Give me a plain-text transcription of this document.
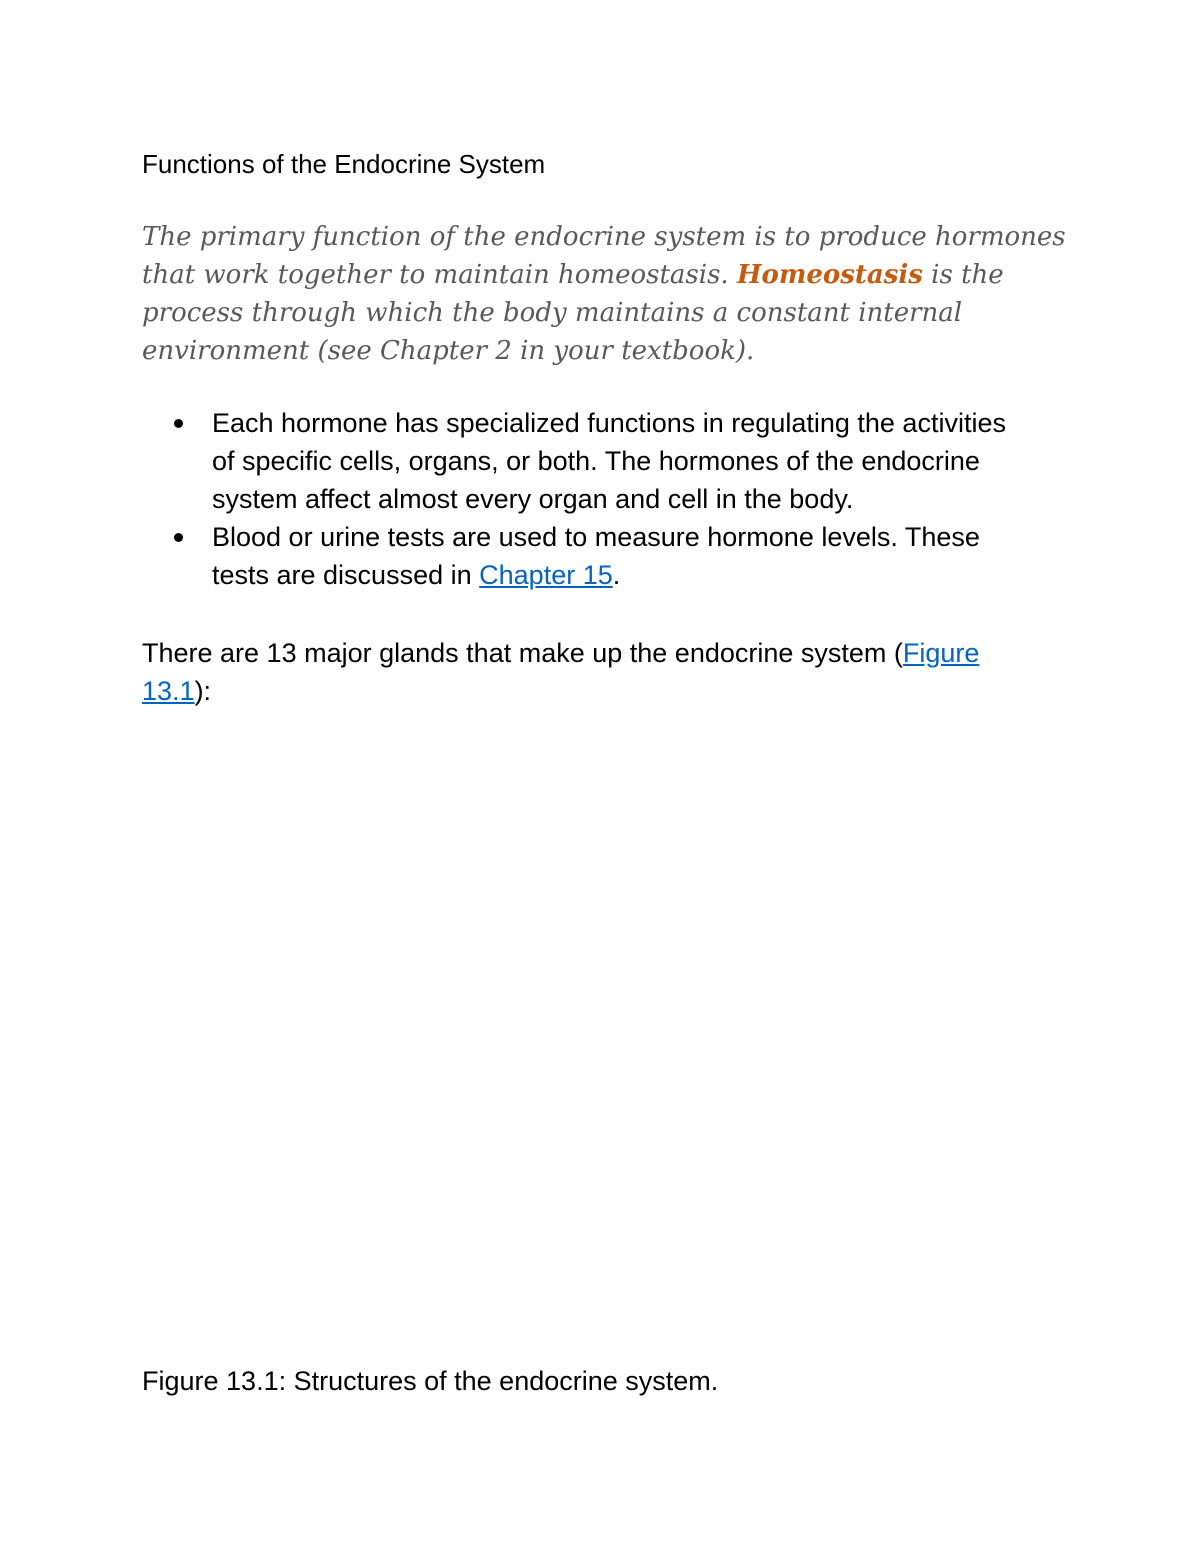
Functions of the Endocrine System
The primary function of the endocrine system is to produce hormones
that work together to maintain homeostasis. Homeostasis is the
process through which the body maintains a constant internal
environment (see Chapter 2 in your textbook).
Each hormone has specialized functions in regulating the activities
of specific cells, organs, or both. The hormones of the endocrine
system affect almost every organ and cell in the body.
Blood or urine tests are used to measure hormone levels. These
tests are discussed in Chapter 15.
There are 13 major glands that make up the endocrine system (Figure
13.1):
Figure 13.1: Structures of the endocrine system.
